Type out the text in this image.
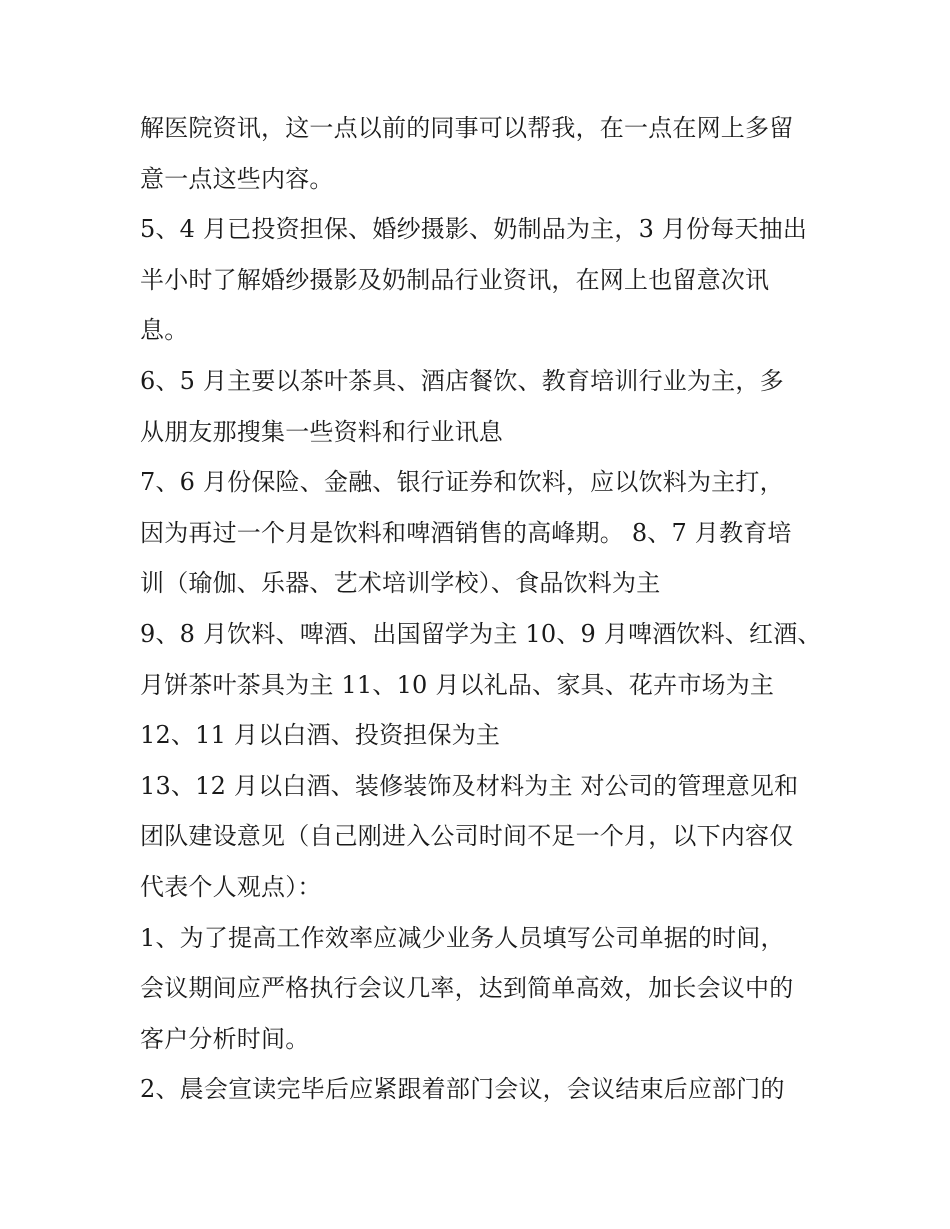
解医院资讯，这一点以前的同事可以帮我，在一点在网上多留
意一点这些内容。
5、4 月已投资担保、婚纱摄影、奶制品为主，3 月份每天抽出
半小时了解婚纱摄影及奶制品行业资讯，在网上也留意次讯
息。
6、5 月主要以茶叶茶具、酒店餐饮、教育培训行业为主，多
从朋友那搜集一些资料和行业讯息
7、6 月份保险、金融、银行证券和饮料，应以饮料为主打，
因为再过一个月是饮料和啤酒销售的高峰期。 8、7 月教育培
训（瑜伽、乐器、艺术培训学校）、食品饮料为主
9、8 月饮料、啤酒、出国留学为主 10、9 月啤酒饮料、红酒、
月饼茶叶茶具为主 11、10 月以礼品、家具、花卉市场为主
12、11 月以白酒、投资担保为主
13、12 月以白酒、装修装饰及材料为主 对公司的管理意见和
团队建设意见（自己刚进入公司时间不足一个月，以下内容仅
代表个人观点）：
1、为了提高工作效率应减少业务人员填写公司单据的时间，
会议期间应严格执行会议几率，达到简单高效，加长会议中的
客户分析时间。
2、晨会宣读完毕后应紧跟着部门会议，会议结束后应部门的
